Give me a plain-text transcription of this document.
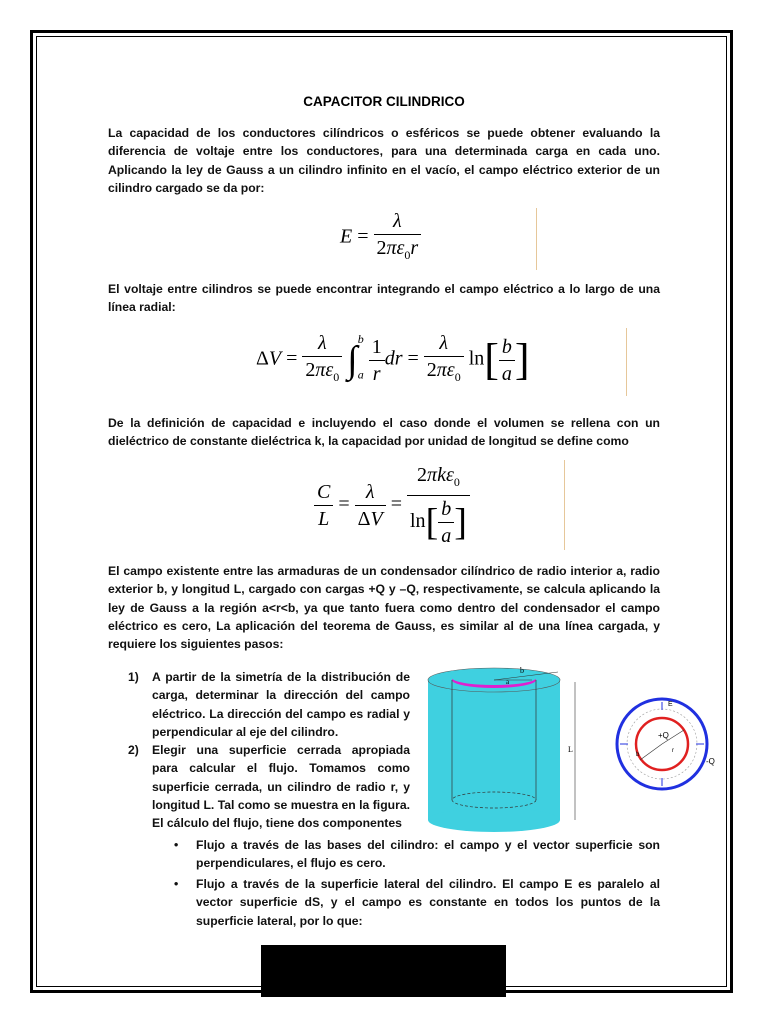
CAPACITOR CILINDRICO
La capacidad de los conductores cilíndricos o esféricos se puede obtener evaluando la diferencia de voltaje entre los conductores, para una determinada carga en cada uno. Aplicando la ley de Gauss a un cilindro infinito en el vacío, el campo eléctrico exterior de un cilindro cargado se da por:
$E = \frac{\lambda}{2\pi\varepsilon_0r}$
El voltaje entre cilindros se puede encontrar integrando el campo eléctrico a lo largo de una línea radial:
$\Delta V = \frac{\lambda}{2\pi\varepsilon_0} \int_a^b \frac{1}{r}$ dr = $\frac{\lambda}{2\pi\varepsilon_0} \ln[ \frac{b}{a}$ ]
De la definición de capacidad e incluyendo el caso donde el volumen se rellena con un dieléctrico de constante dieléctrica k, la capacidad por unidad de longitud se define como
$\frac{C}{L} = \frac{\lambda}{\Delta V} = \frac{2\pi k\varepsilon_0}{\ln[ \frac{b}{a} ]}$
El campo existente entre las armaduras de un condensador cilíndrico de radio interior a, radio exterior b, y longitud L, cargado con cargas +Q y –Q, respectivamente, se calcula aplicando la ley de Gauss a la región a<r<b, ya que tanto fuera como dentro del condensador el campo eléctrico es cero, La aplicación del teorema de Gauss, es similar al de una línea cargada, y requiere los siguientes pasos:
1) A partir de la simetría de la distribución de carga, determinar la dirección del campo eléctrico. La dirección del campo es radial y perpendicular al eje del cilindro.
2) Elegir una superficie cerrada apropiada para calcular el flujo. Tomamos como superficie cerrada, un cilindro de radio r, y longitud L. Tal como se muestra en la figura. El cálculo del flujo, tiene dos componentes
• Flujo a través de las bases del cilindro: el campo y el vector superficie son perpendiculares, el flujo es cero.
• Flujo a través de la superficie lateral del cilindro. El campo E es paralelo al vector superficie dS, y el campo es constante en todos los puntos de la superficie lateral, por lo que:
b
a
L
+Q
-Q
E
r
b
